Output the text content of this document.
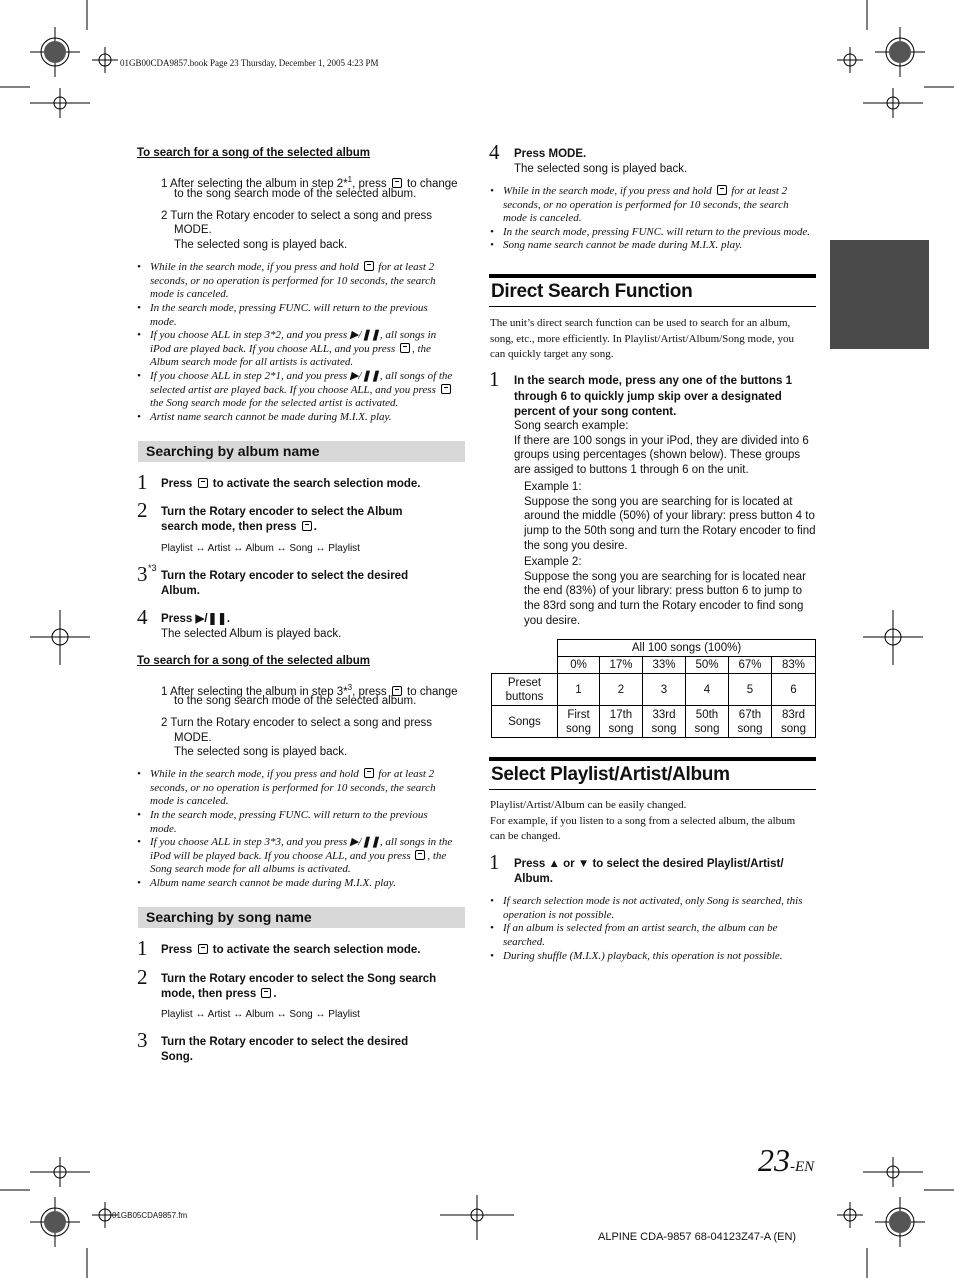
01GB00CDA9857.book Page 23 Thursday, December 1, 2005 4:23 PM
To search for a song of the selected album
1 After selecting the album in step 2*$^1$, press to change
to the song search mode of the selected album.
2 Turn the Rotary encoder to select a song and press
MODE.
The selected song is played back.
• While in the search mode, if you press and hold for at least 2
seconds, or no operation is performed for 10 seconds, the search
mode is canceled.
• In the search mode, pressing FUNC. will return to the previous
mode.
• If you choose ALL in step 3*2, and you press ▶/❚❚, all songs in
iPod are played back. If you choose ALL, and you press , the
Album search mode for all artists is activated.
• If you choose ALL in step 2*1, and you press ▶/❚❚, all songs of the
selected artist are played back. If you choose ALL, and you press
the Song search mode for the selected artist is activated.
• Artist name search cannot be made during M.I.X. play.
Searching by album name
1 Press to activate the search selection mode.
2 Turn the Rotary encoder to select the Album
search mode, then press .
Playlist ↔ Artist ↔ Album ↔ Song ↔ Playlist
3 *3
Turn the Rotary encoder to select the desired
Album.
4 Press ▶/❚❚.
The selected Album is played back.
To search for a song of the selected album
1 After selecting the album in step 3*$^3$, press to change
to the song search mode of the selected album.
2 Turn the Rotary encoder to select a song and press
MODE.
The selected song is played back.
• While in the search mode, if you press and hold for at least 2
seconds, or no operation is performed for 10 seconds, the search
mode is canceled.
• In the search mode, pressing FUNC. will return to the previous
mode.
• If you choose ALL in step 3*3, and you press ▶/❚❚, all songs in the
iPod will be played back. If you choose ALL, and you press , the
Song search mode for all albums is activated.
• Album name search cannot be made during M.I.X. play.
Searching by song name
1 Press to activate the search selection mode.
2 Turn the Rotary encoder to select the Song search
mode, then press .
Playlist ↔ Artist ↔ Album ↔ Song ↔ Playlist
3 Turn the Rotary encoder to select the desired
Song.
4 Press MODE.
The selected song is played back.
• While in the search mode, if you press and hold for at least 2
seconds, or no operation is performed for 10 seconds, the search
mode is canceled.
• In the search mode, pressing FUNC. will return to the previous mode.
• Song name search cannot be made during M.I.X. play.
Direct Search Function
The unit’s direct search function can be used to search for an album,
song, etc., more efficiently. In Playlist/Artist/Album/Song mode, you
can quickly target any song.
1 In the search mode, press any one of the buttons 1
through 6 to quickly jump skip over a designated
percent of your song content.
Song search example:
If there are 100 songs in your iPod, they are divided into 6
groups using percentages (shown below). These groups
are assiged to buttons 1 through 6 on the unit.
Example 1:
Suppose the song you are searching for is located at
around the middle (50%) of your library: press button 4 to
jump to the 50th song and turn the Rotary encoder to find
the song you desire.
Example 2:
Suppose the song you are searching for is located near
the end (83%) of your library: press button 6 to jump to
the 83rd song and turn the Rotary encoder to find song
you desire.
	All 100 songs (100%)					
	0%	17%	33%	50%	67%	83%
Preset buttons	1	2	3	4	5	6
Songs	First song	17th song	33rd song	50th song	67th song	83rd song
Select Playlist/Artist/Album
Playlist/Artist/Album can be easily changed.
For example, if you listen to a song from a selected album, the album
can be changed.
1 Press ▲ or ▼ to select the desired Playlist/Artist/
Album.
• If search selection mode is not activated, only Song is searched, this
operation is not possible.
• If an album is selected from an artist search, the album can be
searched.
• During shuffle (M.I.X.) playback, this operation is not possible.
23-EN
01GB05CDA9857.fm
ALPINE CDA-9857 68-04123Z47-A (EN)
